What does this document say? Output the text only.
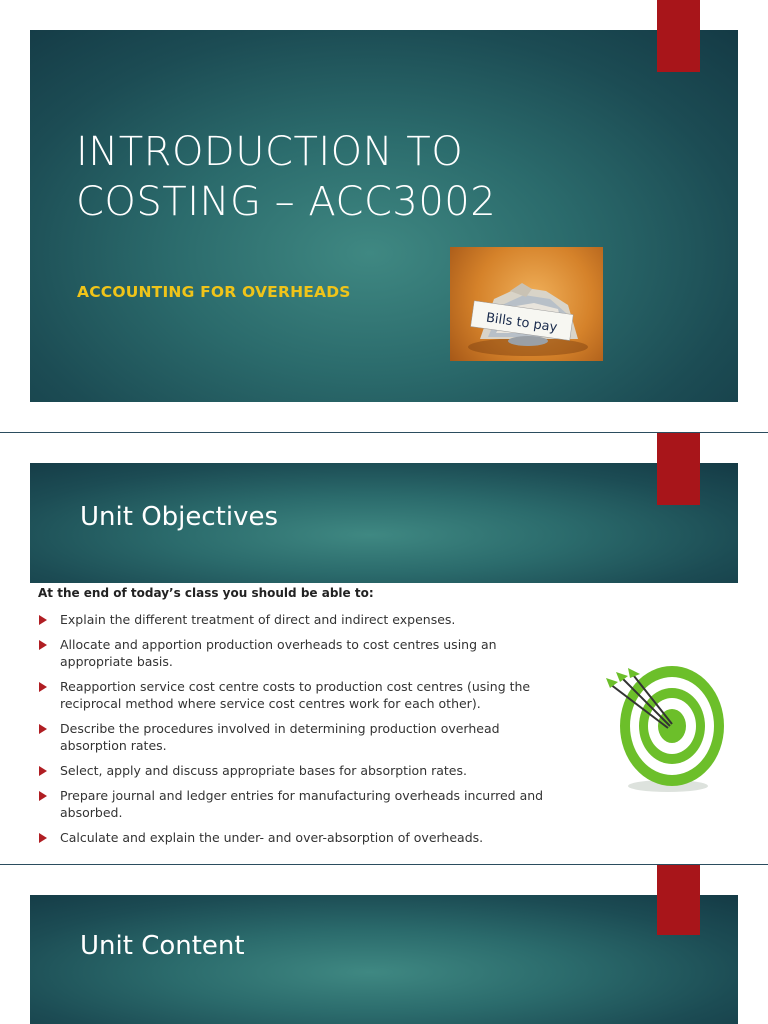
INTRODUCTION TO
COSTING – ACC3002
ACCOUNTING FOR OVERHEADS
Bills to pay
Unit Objectives
At the end of today’s class you should be able to:
Explain the different treatment of direct and indirect expenses.
Allocate and apportion production overheads to cost centres using an appropriate basis.
Reapportion service cost centre costs to production cost centres (using the reciprocal method where service cost centres work for each other).
Describe the procedures involved in determining production overhead absorption rates.
Select, apply and discuss appropriate bases for absorption rates.
Prepare journal and ledger entries for manufacturing overheads incurred and absorbed.
Calculate and explain the under- and over-absorption of overheads.
Unit Content
